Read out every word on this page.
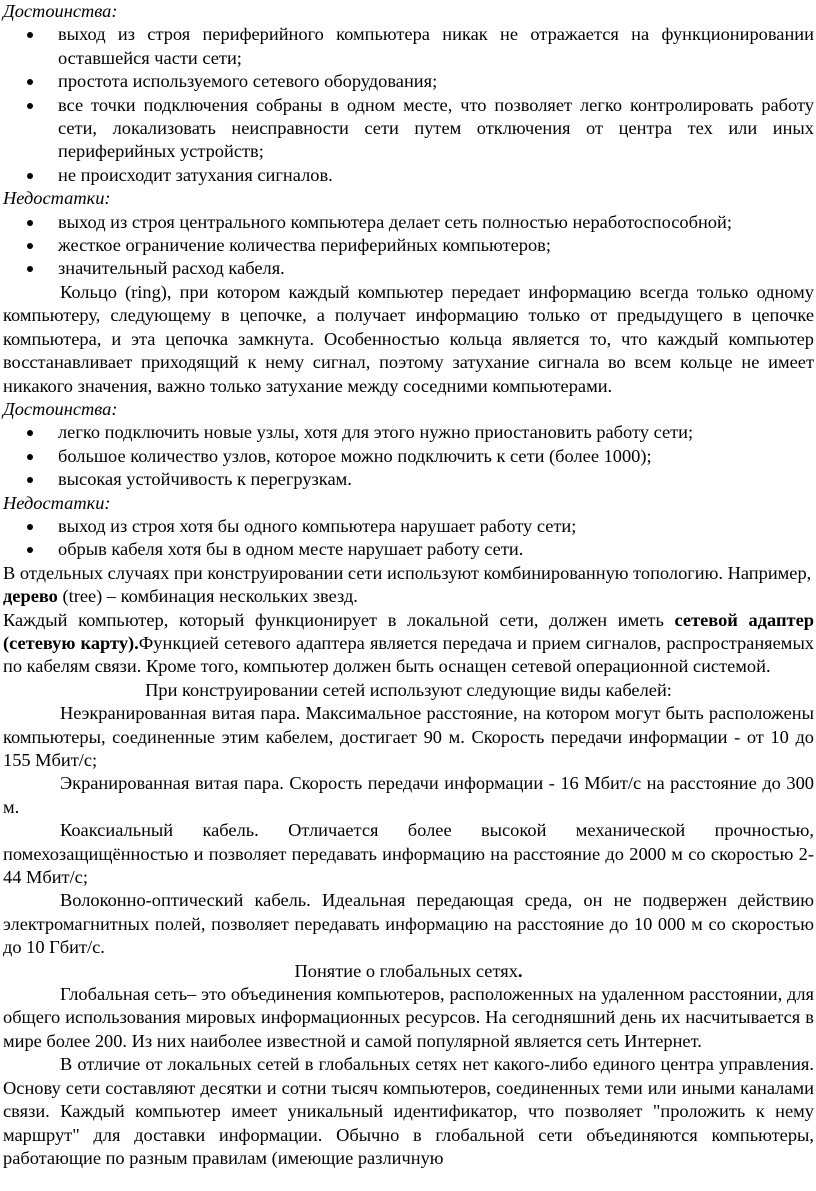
Достоинства:

выход из строя периферийного компьютера никак не отражается на функционировании оставшейся части сети;
простота используемого сетевого оборудования;
все точки подключения собраны в одном месте, что позволяет легко контролировать работу сети, локализовать неисправности сети путем отключения от центра тех или иных периферийных устройств;
не происходит затухания сигналов.

Недостатки:

выход из строя центрального компьютера делает сеть полностью неработоспособной;
жесткое ограничение количества периферийных компьютеров;
значительный расход кабеля.

Кольцо (ring), при котором каждый компьютер передает информацию всегда только одному компьютеру, следующему в цепочке, а получает информацию только от предыдущего в цепочке компьютера, и эта цепочка замкнута. Особенностью кольца является то, что каждый компьютер восстанавливает приходящий к нему сигнал, поэтому затухание сигнала во всем кольце не имеет никакого значения, важно только затухание между соседними компьютерами.

Достоинства:

легко подключить новые узлы, хотя для этого нужно приостановить работу сети;
большое количество узлов, которое можно подключить к сети (более 1000);
высокая устойчивость к перегрузкам.

Недостатки:

выход из строя хотя бы одного компьютера нарушает работу сети;
обрыв кабеля хотя бы в одном месте нарушает работу сети.

В отдельных случаях при конструировании сети используют комбинированную топологию. Например, дерево (tree) – комбинация нескольких звезд.

Каждый компьютер, который функционирует в локальной сети, должен иметь сетевой адаптер (сетевую карту).Функцией сетевого адаптера является передача и прием сигналов, распространяемых по кабелям связи. Кроме того, компьютер должен быть оснащен сетевой операционной системой.

При конструировании сетей используют следующие виды кабелей:

Неэкранированная витая пара. Максимальное расстояние, на котором могут быть расположены компьютеры, соединенные этим кабелем, достигает 90 м. Скорость передачи информации - от 10 до 155 Мбит/с;

Экранированная витая пара. Скорость передачи информации - 16 Мбит/с на расстояние до 300 м.

Коаксиальный кабель. Отличается более высокой механической прочностью, помехозащищённостью и позволяет передавать информацию на расстояние до 2000 м со скоростью 2-44 Мбит/с;

Волоконно-оптический кабель. Идеальная передающая среда, он не подвержен действию электромагнитных полей, позволяет передавать информацию на расстояние до 10 000 м со скоростью до 10 Гбит/с.

Понятие о глобальных сетях.

Глобальная сеть– это объединения компьютеров, расположенных на удаленном расстоянии, для общего использования мировых информационных ресурсов. На сегодняшний день их насчитывается в мире более 200. Из них наиболее известной и самой популярной является сеть Интернет.

В отличие от локальных сетей в глобальных сетях нет какого-либо единого центра управления. Основу сети составляют десятки и сотни тысяч компьютеров, соединенных теми или иными каналами связи. Каждый компьютер имеет уникальный идентификатор, что позволяет "проложить к нему маршрут" для доставки информации. Обычно в глобальной сети объединяются компьютеры, работающие по разным правилам (имеющие различную
